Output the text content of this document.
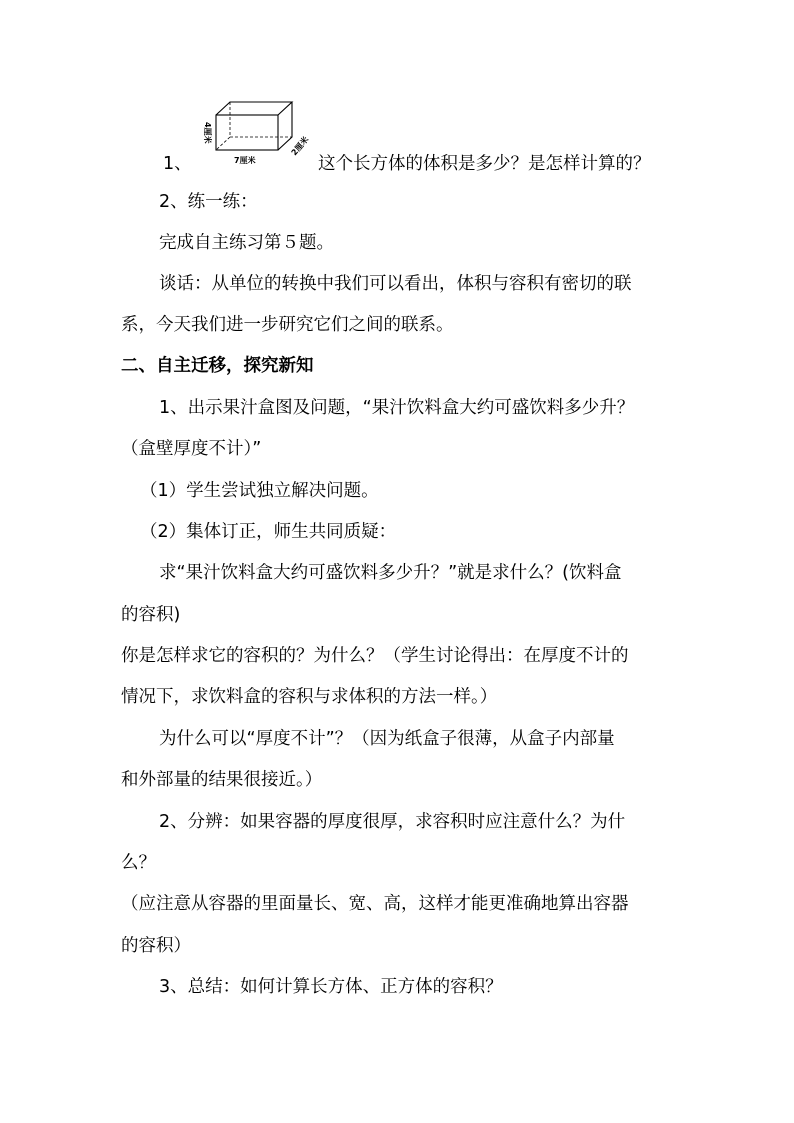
1、
4厘米
7厘米
2厘米
这个长方体的体积是多少？是怎样计算的？
2、练一练：
完成自主练习第５题。
谈话：从单位的转换中我们可以看出，体积与容积有密切的联
系，今天我们进一步研究它们之间的联系。
二、自主迁移，探究新知
1、出示果汁盒图及问题，“果汁饮料盒大约可盛饮料多少升？
（盒壁厚度不计）”
（1）学生尝试独立解决问题。
（2）集体订正，师生共同质疑：
求“果汁饮料盒大约可盛饮料多少升？”就是求什么？(饮料盒
的容积)
你是怎样求它的容积的？为什么？（学生讨论得出：在厚度不计的
情况下，求饮料盒的容积与求体积的方法一样。）
为什么可以“厚度不计”？（因为纸盒子很薄，从盒子内部量
和外部量的结果很接近。）
2、分辨：如果容器的厚度很厚，求容积时应注意什么？为什
么？
（应注意从容器的里面量长、宽、高，这样才能更准确地算出容器
的容积）
3、总结：如何计算长方体、正方体的容积？
